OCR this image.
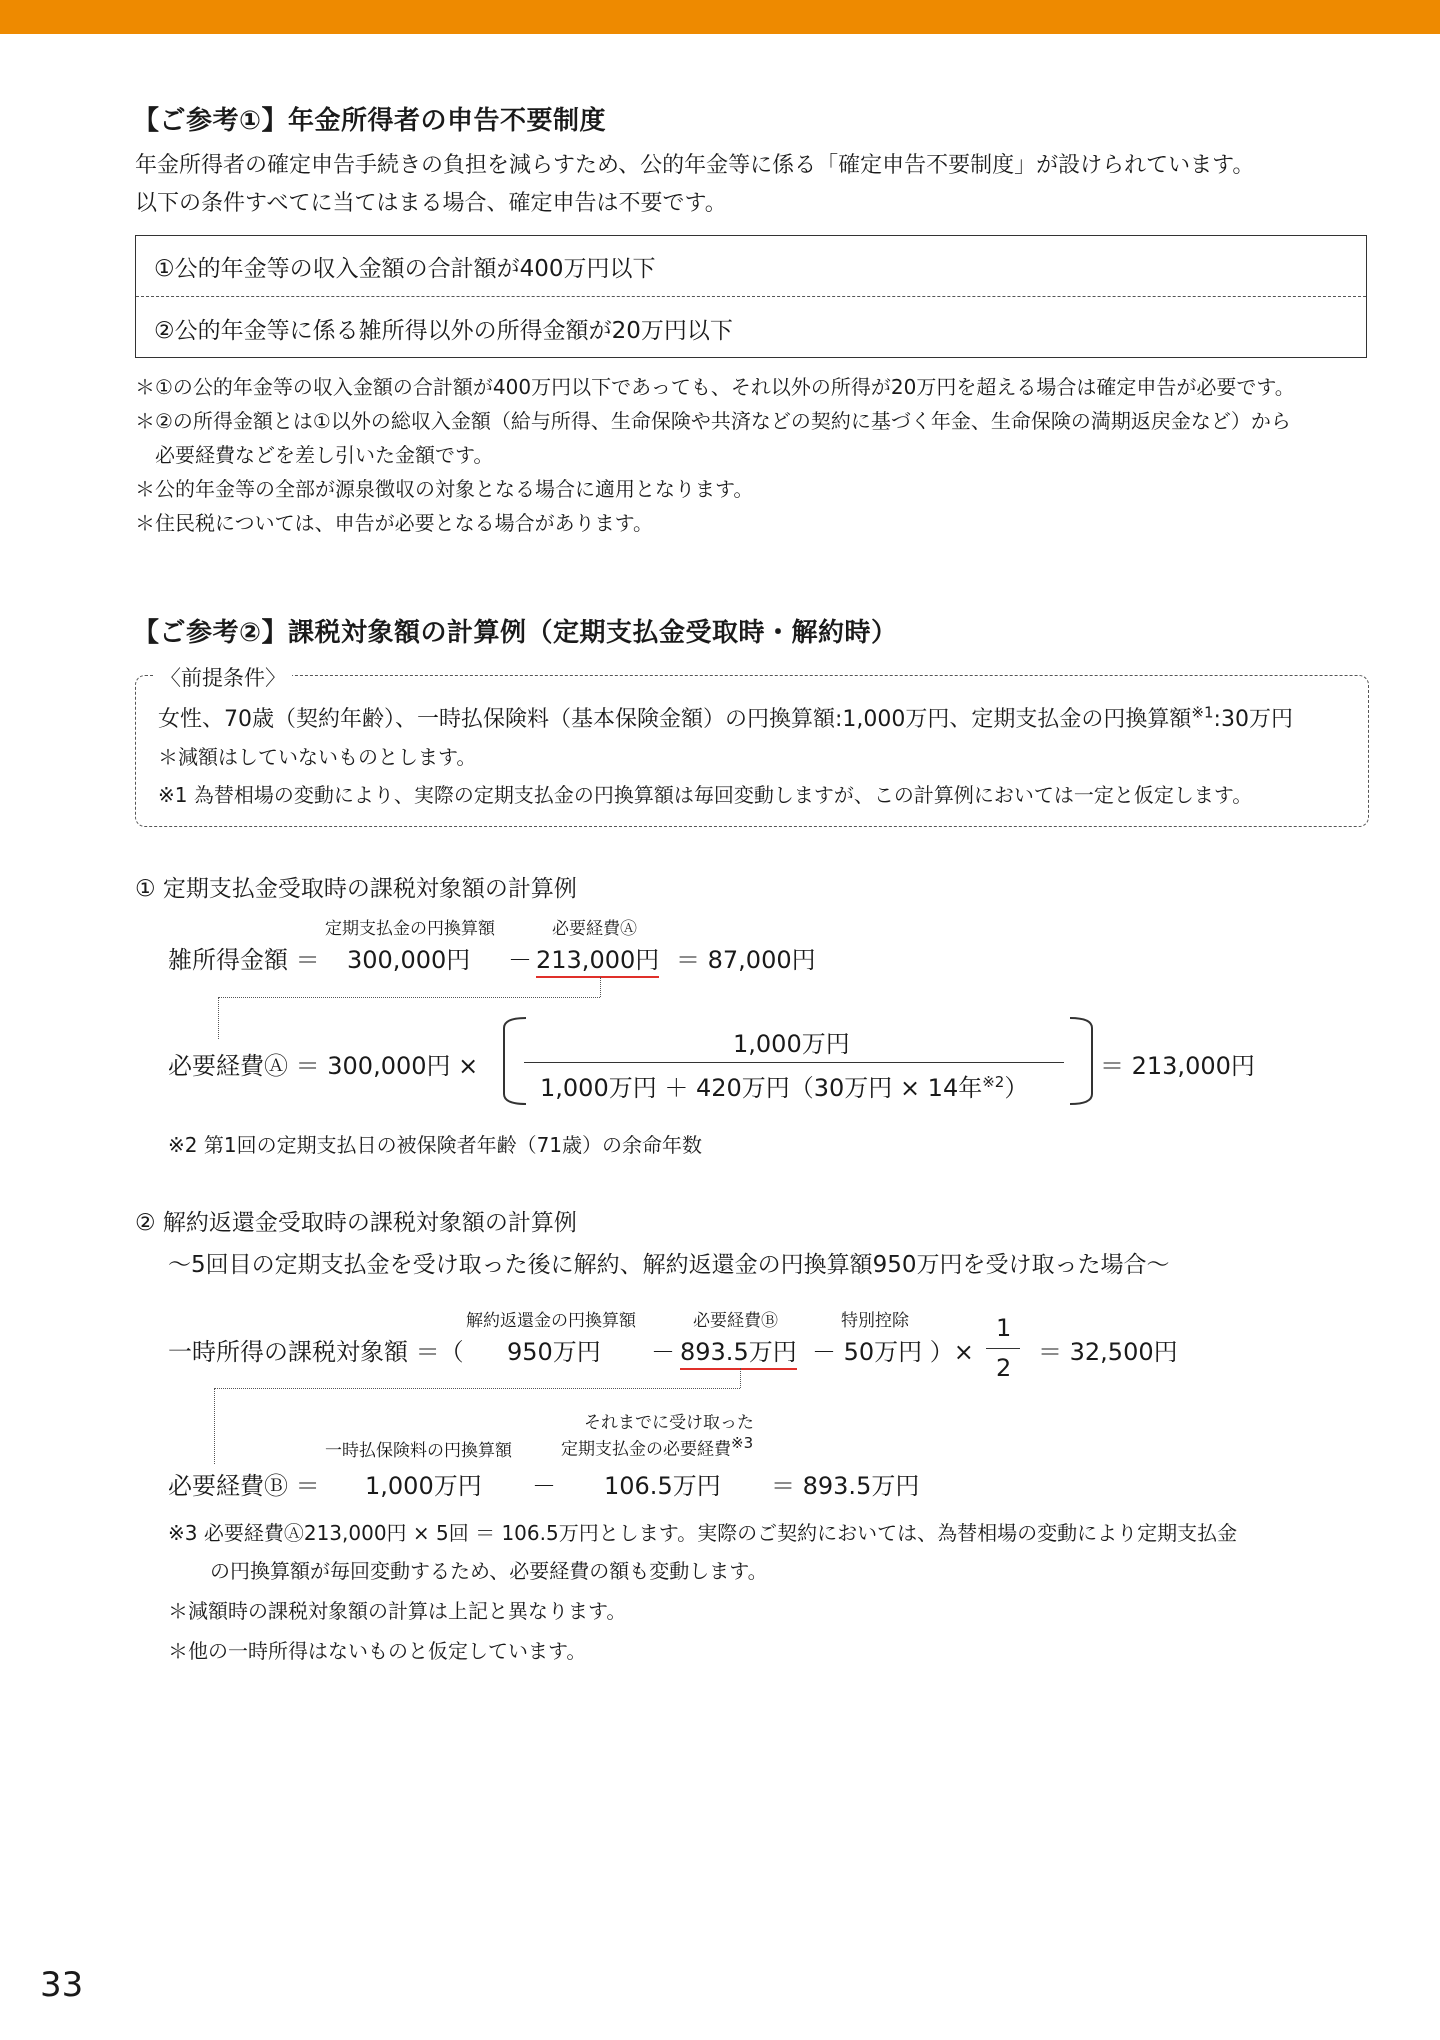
【ご参考①】年金所得者の申告不要制度
年金所得者の確定申告手続きの負担を減らすため、公的年金等に係る「確定申告不要制度」が設けられています。
以下の条件すべてに当てはまる場合、確定申告は不要です。
①公的年金等の収入金額の合計額が400万円以下
②公的年金等に係る雑所得以外の所得金額が20万円以下
＊①の公的年金等の収入金額の合計額が400万円以下であっても、それ以外の所得が20万円を超える場合は確定申告が必要です。
＊②の所得金額とは①以外の総収入金額（給与所得、生命保険や共済などの契約に基づく年金、生命保険の満期返戻金など）から
必要経費などを差し引いた金額です。
＊公的年金等の全部が源泉徴収の対象となる場合に適用となります。
＊住民税については、申告が必要となる場合があります。
【ご参考②】課税対象額の計算例（定期支払金受取時・解約時）
〈前提条件〉
女性、70歳（契約年齢）、一時払保険料（基本保険金額）の円換算額:1,000万円、定期支払金の円換算額$^{※1}$:30万円
＊減額はしていないものとします。
※1 為替相場の変動により、実際の定期支払金の円換算額は毎回変動しますが、この計算例においては一定と仮定します。
① 定期支払金受取時の課税対象額の計算例
定期支払金の円換算額	必要経費Ⓐ
雑所得金額 ＝ 300,000円 － 213,000円 ＝ 87,000円
必要経費Ⓐ ＝ 300,000円 ×
1,000万円
1,000万円 ＋ 420万円（30万円 × 14年$^{※2}$）
＝ 213,000円
※2 第1回の定期支払日の被保険者年齢（71歳）の余命年数
② 解約返還金受取時の課税対象額の計算例
〜5回目の定期支払金を受け取った後に解約、解約返還金の円換算額950万円を受け取った場合〜
解約返還金の円換算額	必要経費Ⓑ	特別控除
一時所得の課税対象額 ＝（ 950万円 － 893.5万円 － 50万円 ）×
1
2
＝ 32,500円
それまでに受け取った
一時払保険料の円換算額	定期支払金の必要経費$^{※3}$
必要経費Ⓑ ＝ 1,000万円 － 106.5万円 ＝ 893.5万円
※3 必要経費Ⓐ213,000円 × 5回 ＝ 106.5万円とします。実際のご契約においては、為替相場の変動により定期支払金
の円換算額が毎回変動するため、必要経費の額も変動します。
＊減額時の課税対象額の計算は上記と異なります。
＊他の一時所得はないものと仮定しています。
33
